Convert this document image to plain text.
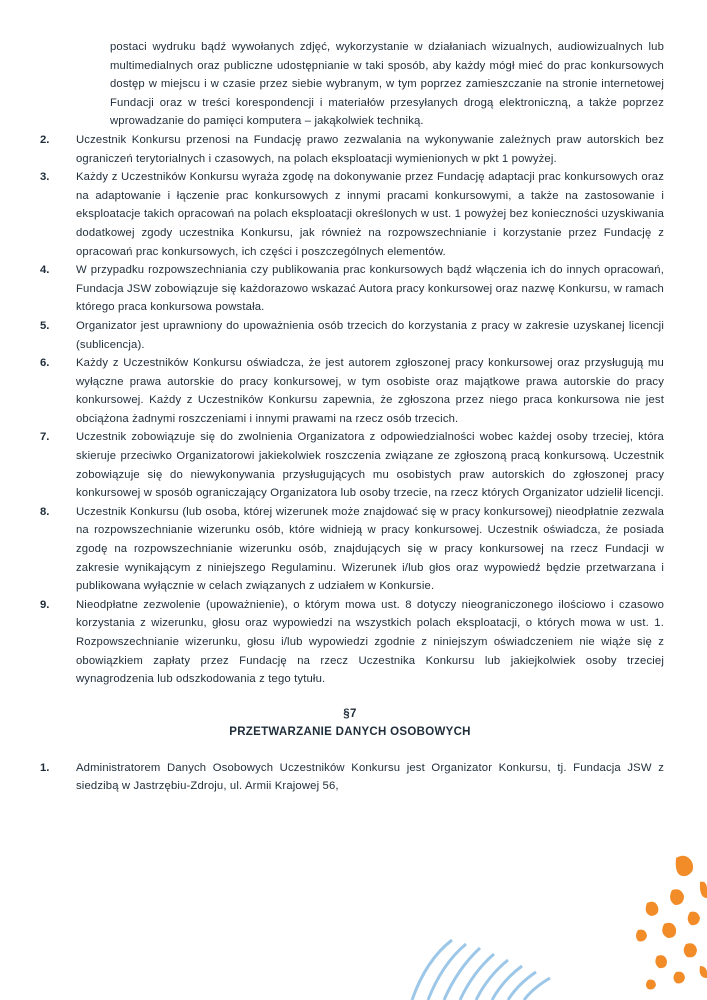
postaci wydruku bądź wywołanych zdjęć, wykorzystanie w działaniach wizualnych, audiowizualnych lub multimedialnych oraz publiczne udostępnianie w taki sposób, aby każdy mógł mieć do prac konkursowych dostęp w miejscu i w czasie przez siebie wybranym, w tym poprzez zamieszczanie na stronie internetowej Fundacji oraz w treści korespondencji i materiałów przesyłanych drogą elektroniczną, a także poprzez wprowadzanie do pamięci komputera – jakąkolwiek techniką.
2.	Uczestnik Konkursu przenosi na Fundację prawo zezwalania na wykonywanie zależnych praw autorskich bez ograniczeń terytorialnych i czasowych, na polach eksploatacji wymienionych w pkt 1 powyżej.
3.	Każdy z Uczestników Konkursu wyraża zgodę na dokonywanie przez Fundację adaptacji prac konkursowych oraz na adaptowanie i łączenie prac konkursowych z innymi pracami konkursowymi, a także na zastosowanie i eksploatacje takich opracowań na polach eksploatacji określonych w ust. 1 powyżej bez konieczności uzyskiwania dodatkowej zgody uczestnika Konkursu, jak również na rozpowszechnianie i korzystanie przez Fundację z opracowań prac konkursowych, ich części i poszczególnych elementów.
4.	W przypadku rozpowszechniania czy publikowania prac konkursowych bądź włączenia ich do innych opracowań, Fundacja JSW zobowiązuje się każdorazowo wskazać Autora pracy konkursowej oraz nazwę Konkursu, w ramach którego praca konkursowa powstała.
5.	Organizator jest uprawniony do upoważnienia osób trzecich do korzystania z pracy w zakresie uzyskanej licencji (sublicencja).
6.	Każdy z Uczestników Konkursu oświadcza, że jest autorem zgłoszonej pracy konkursowej oraz przysługują mu wyłączne prawa autorskie do pracy konkursowej, w tym osobiste oraz majątkowe prawa autorskie do pracy konkursowej. Każdy z Uczestników Konkursu zapewnia, że zgłoszona przez niego praca konkursowa nie jest obciążona żadnymi roszczeniami i innymi prawami na rzecz osób trzecich.
7.	Uczestnik zobowiązuje się do zwolnienia Organizatora z odpowiedzialności wobec każdej osoby trzeciej, która skieruje przeciwko Organizatorowi jakiekolwiek roszczenia związane ze zgłoszoną pracą konkursową. Uczestnik zobowiązuje się do niewykonywania przysługujących mu osobistych praw autorskich do zgłoszonej pracy konkursowej w sposób ograniczający Organizatora lub osoby trzecie, na rzecz których Organizator udzielił licencji.
8.	Uczestnik Konkursu (lub osoba, której wizerunek może znajdować się w pracy konkursowej) nieodpłatnie zezwala na rozpowszechnianie wizerunku osób, które widnieją w pracy konkursowej. Uczestnik oświadcza, że posiada zgodę na rozpowszechnianie wizerunku osób, znajdujących się w pracy konkursowej na rzecz Fundacji w zakresie wynikającym z niniejszego Regulaminu. Wizerunek i/lub głos oraz wypowiedź będzie przetwarzana i publikowana wyłącznie w celach związanych z udziałem w Konkursie.
9.	Nieodpłatne zezwolenie (upoważnienie), o którym mowa ust. 8 dotyczy nieograniczonego ilościowo i czasowo korzystania z wizerunku, głosu oraz wypowiedzi na wszystkich polach eksploatacji, o których mowa w ust. 1. Rozpowszechnianie wizerunku, głosu i/lub wypowiedzi zgodnie z niniejszym oświadczeniem nie wiąże się z obowiązkiem zapłaty przez Fundację na rzecz Uczestnika Konkursu lub jakiejkolwiek osoby trzeciej wynagrodzenia lub odszkodowania z tego tytułu.
§7
PRZETWARZANIE DANYCH OSOBOWYCH
1.	Administratorem Danych Osobowych Uczestników Konkursu jest Organizator Konkursu, tj. Fundacja JSW z siedzibą w Jastrzębiu-Zdroju, ul. Armii Krajowej 56,
